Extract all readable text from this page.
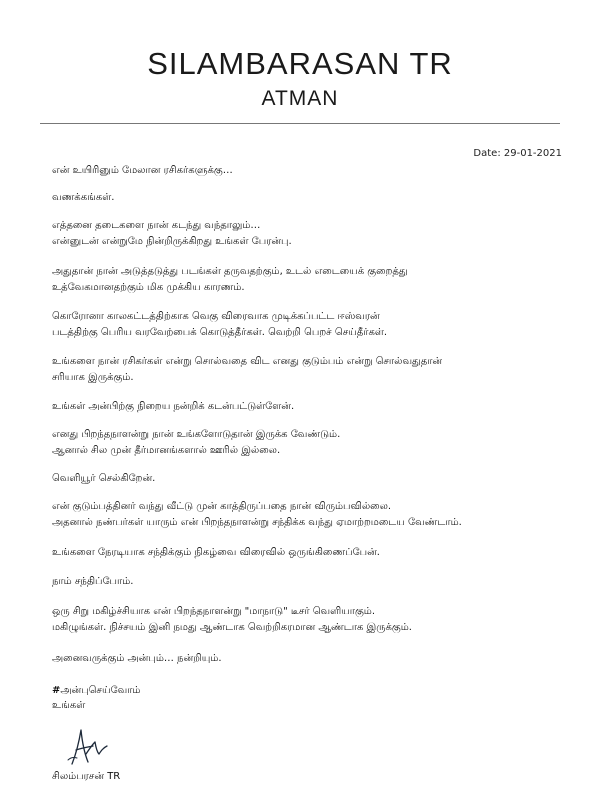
SILAMBARASAN TR
ATMAN
Date: 29-01-2021
என் உயிரினும் மேலான ரசிகர்களுக்கு…
வணக்கங்கள்.
எத்தனை தடைகளை நான் கடந்து வந்தாலும்…
என்னுடன் என்றுமே நின்றிருக்கிறது உங்கள் பேரன்பு.
அதுதான் நான் அடுத்தடுத்து படங்கள் தருவதற்கும், உடல் எடையைக் குறைத்து
உத்வேகமானதற்கும் மிக முக்கிய காரணம்.
கொரோனா காலகட்டத்திற்காக வெகு விரைவாக முடிக்கப்பட்ட ஈஸ்வரன்
படத்திற்கு பெரிய வரவேற்பைக் கொடுத்தீர்கள். வெற்றி பெறச் செய்தீர்கள்.
உங்களை நான் ரசிகர்கள் என்று சொல்வதை விட எனது குடும்பம் என்று சொல்வதுதான்
சரியாக இருக்கும்.
உங்கள் அன்பிற்கு நிறைய நன்றிக் கடன்பட்டுள்ளேன்.
எனது பிறந்தநாளன்று நான் உங்களோடுதான் இருக்க வேண்டும்.
ஆனால் சில முன் தீர்மானங்களால் ஊரில் இல்லை.
வெளியூர் செல்கிறேன்.
என் குடும்பத்தினர் வந்து வீட்டு முன் காத்திருப்பதை நான் விரும்பவில்லை.
அதனால் நண்பர்கள் யாரும் என் பிறந்தநாளன்று சந்திக்க வந்து ஏமாற்றமடைய வேண்டாம்.
உங்களை நேரடியாக சந்திக்கும் நிகழ்வை விரைவில் ஒருங்கிணைப்பேன்.
நாம் சந்திப்போம்.
ஒரு சிறு மகிழ்ச்சியாக என் பிறந்தநாளன்று "மாநாடு" டீசர் வெளியாகும்.
மகிழுங்கள். நிச்சயம் இனி நமது ஆண்டாக வெற்றிகரமான ஆண்டாக இருக்கும்.
அனைவருக்கும் அன்பும்… நன்றியும்.
#அன்புசெய்வோம்
உங்கள்
சிலம்பரசன் TR
